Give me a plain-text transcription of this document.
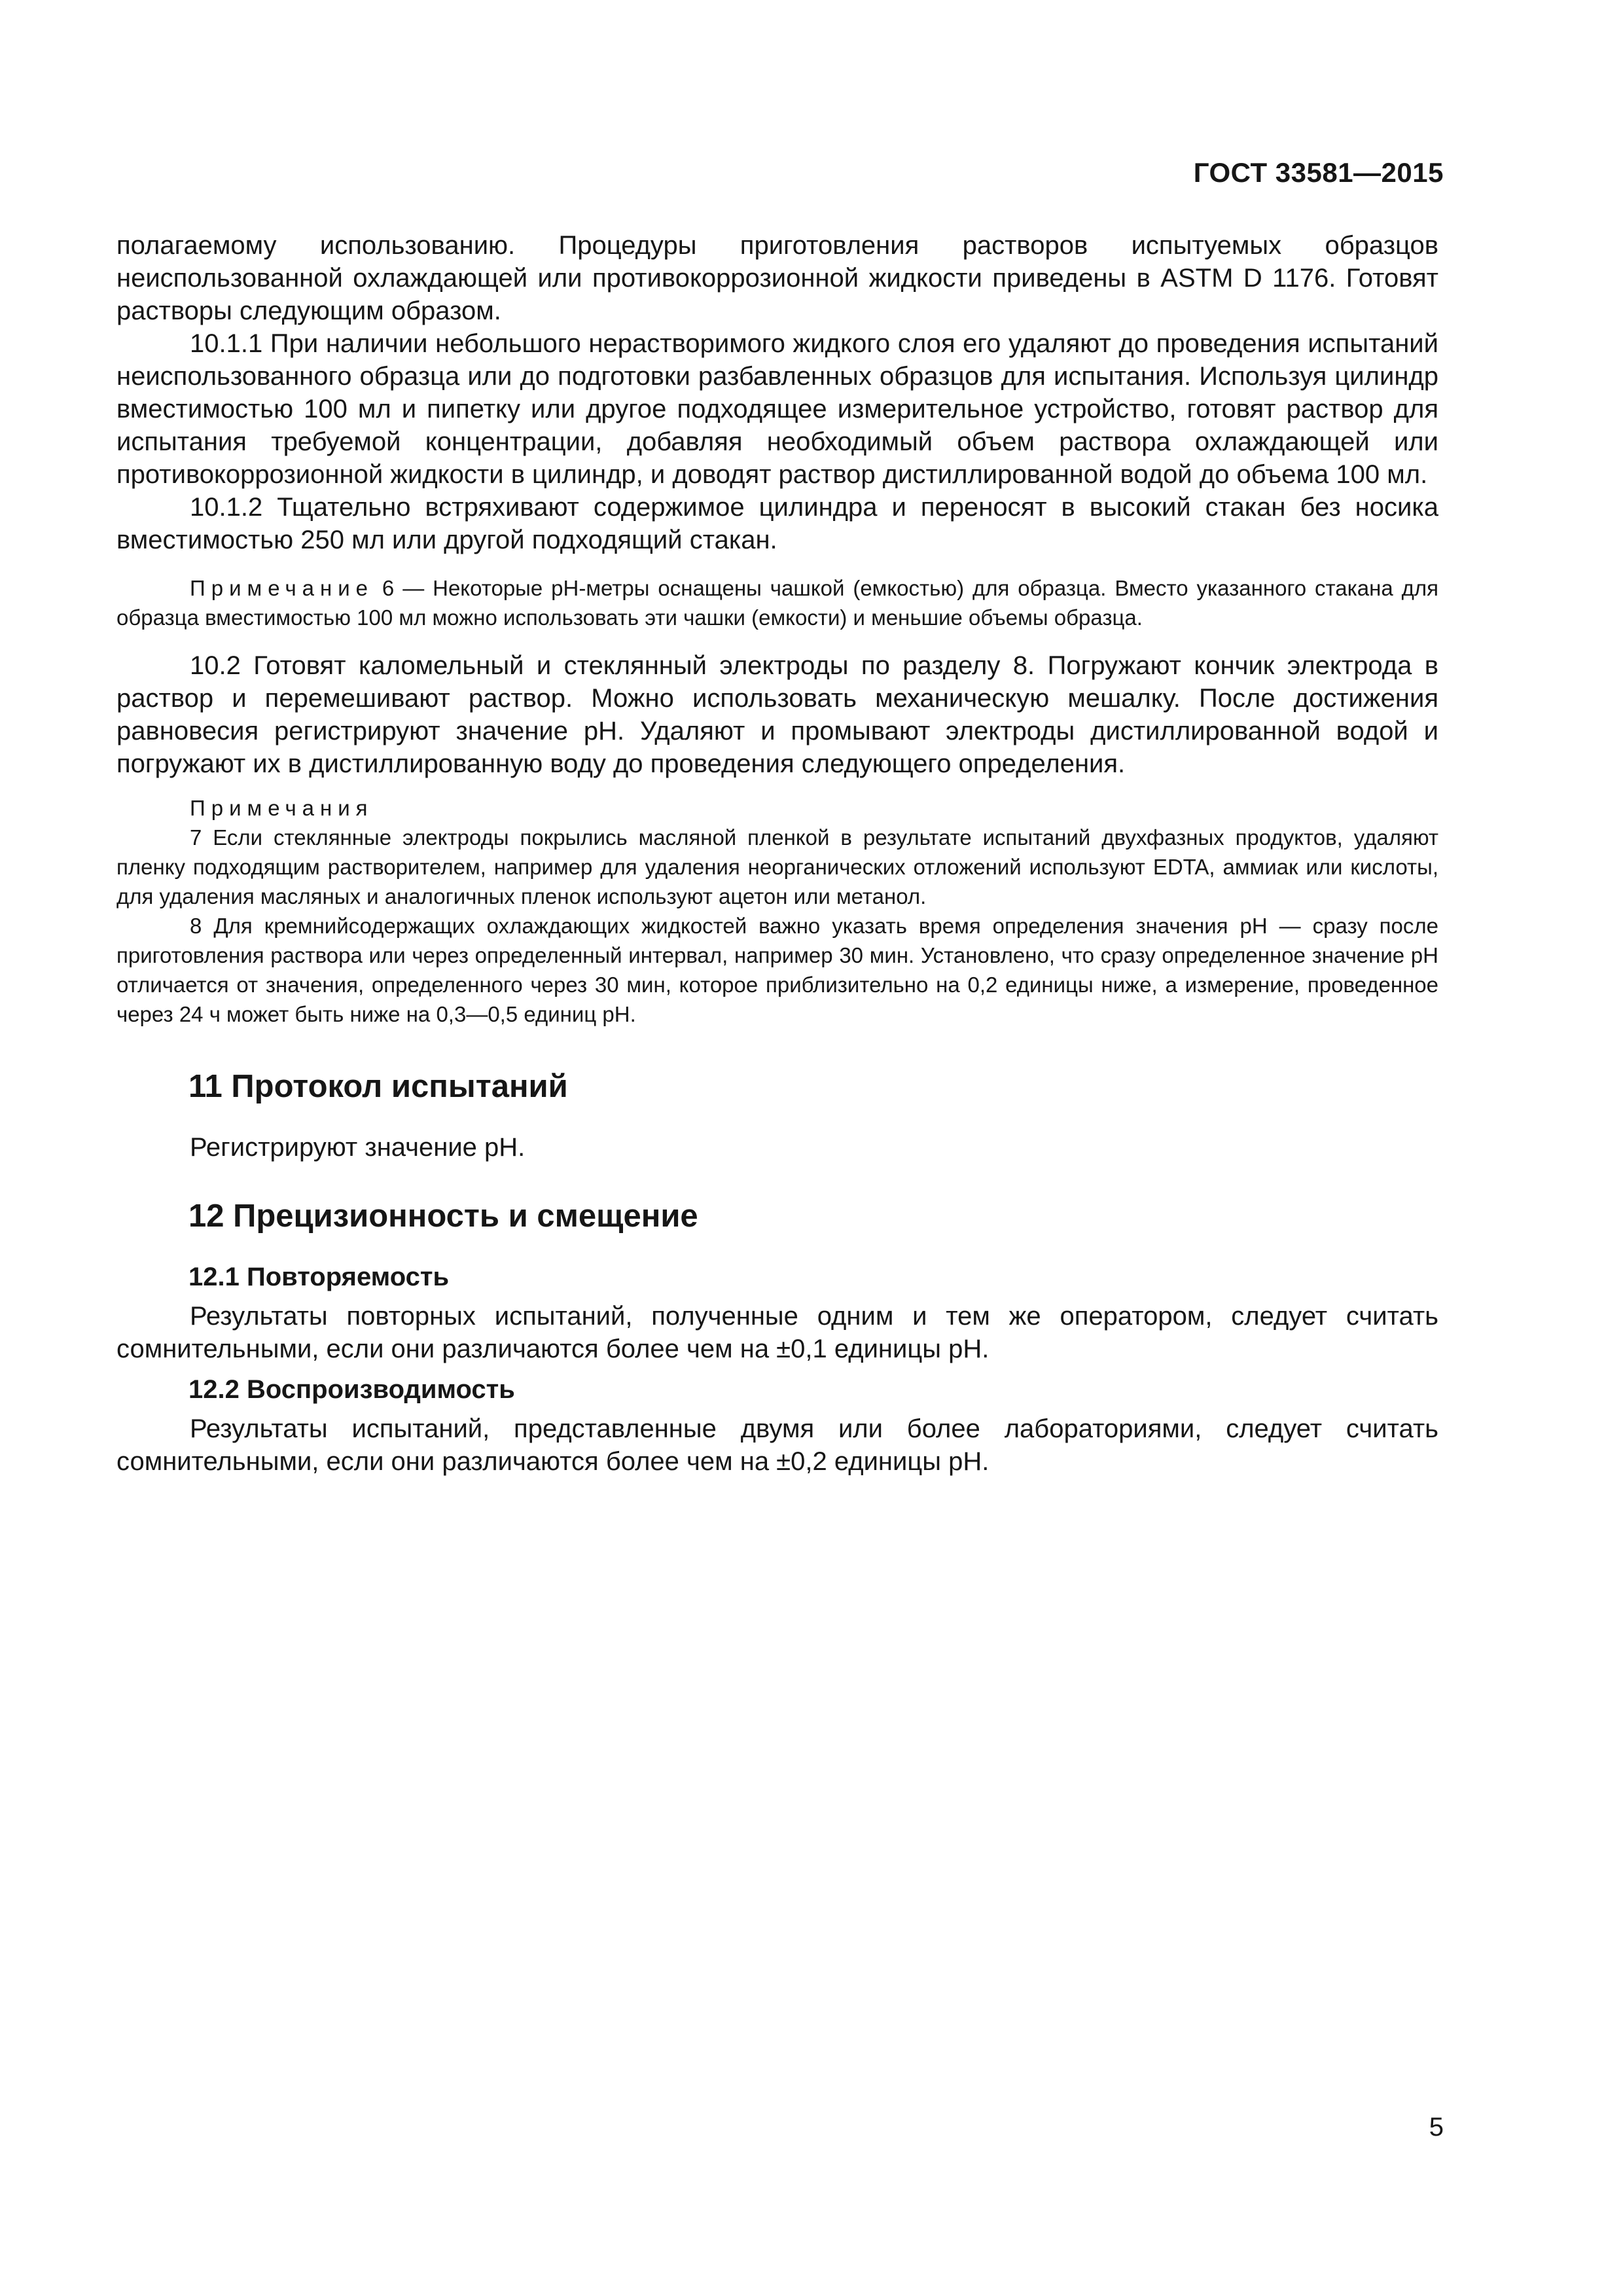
ГОСТ 33581—2015

полагаемому использованию. Процедуры приготовления растворов испытуемых образцов неиспользованной охлаждающей или противокоррозионной жидкости приведены в ASTM D 1176. Готовят растворы следующим образом.

10.1.1 При наличии небольшого нерастворимого жидкого слоя его удаляют до проведения испытаний неиспользованного образца или до подготовки разбавленных образцов для испытания. Используя цилиндр вместимостью 100 мл и пипетку или другое подходящее измерительное устройство, готовят раствор для испытания требуемой концентрации, добавляя необходимый объем раствора охлаждающей или противокоррозионной жидкости в цилиндр, и доводят раствор дистиллированной водой до объема 100 мл.

10.1.2 Тщательно встряхивают содержимое цилиндра и переносят в высокий стакан без носика вместимостью 250 мл или другой подходящий стакан.

Примечание 6 — Некоторые рН-метры оснащены чашкой (емкостью) для образца. Вместо указанного стакана для образца вместимостью 100 мл можно использовать эти чашки (емкости) и меньшие объемы образца.

10.2 Готовят каломельный и стеклянный электроды по разделу 8. Погружают кончик электрода в раствор и перемешивают раствор. Можно использовать механическую мешалку. После достижения равновесия регистрируют значение рН. Удаляют и промывают электроды дистиллированной водой и погружают их в дистиллированную воду до проведения следующего определения.

Примечания

7 Если стеклянные электроды покрылись масляной пленкой в результате испытаний двухфазных продуктов, удаляют пленку подходящим растворителем, например для удаления неорганических отложений используют EDTA, аммиак или кислоты, для удаления масляных и аналогичных пленок используют ацетон или метанол.

8 Для кремнийсодержащих охлаждающих жидкостей важно указать время определения значения рН — сразу после приготовления раствора или через определенный интервал, например 30 мин. Установлено, что сразу определенное значение рН отличается от значения, определенного через 30 мин, которое приблизительно на 0,2 единицы ниже, а измерение, проведенное через 24 ч может быть ниже на 0,3—0,5 единиц рН.

11 Протокол испытаний

Регистрируют значение рН.

12 Прецизионность и смещение
12.1 Повторяемость

Результаты повторных испытаний, полученные одним и тем же оператором, следует считать сомнительными, если они различаются более чем на ±0,1 единицы рН.

12.2 Воспроизводимость

Результаты испытаний, представленные двумя или более лабораториями, следует считать сомнительными, если они различаются более чем на ±0,2 единицы рН.

5
